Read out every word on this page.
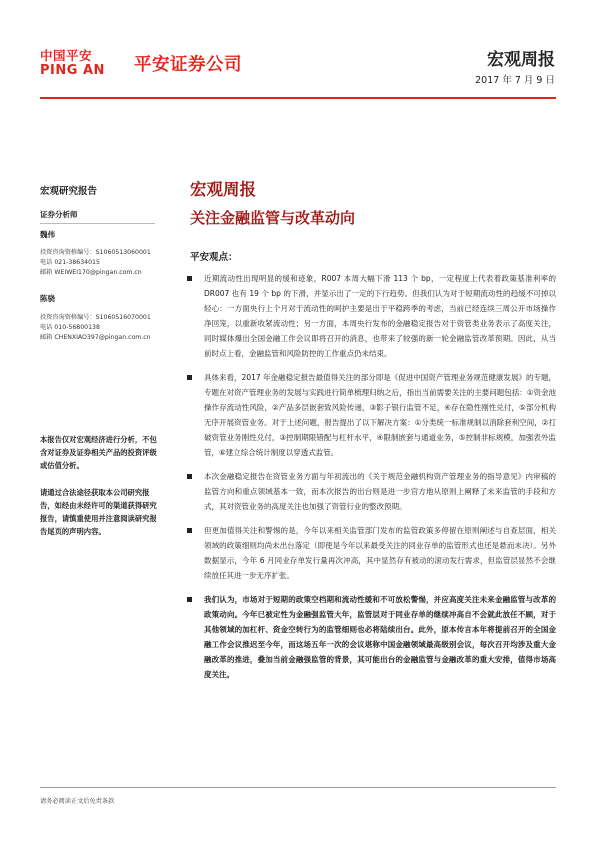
中国平安
PING AN 平安证券公司	宏观周报
2017 年 7 月 9 日
宏观研究报告
证券分析师
魏伟
投资咨询资格编号：S1060513060001
电话 021-38634015
邮箱 WEIWEI170@pingan.com.cn
陈骁
投资咨询资格编号：S1060516070001
电话 010-56800138
邮箱 CHENXIAO397@pingan.com.cn
本报告仅对宏观经济进行分析，不包含对证券及证券相关产品的投资评级或估值分析。
请通过合法途径获取本公司研究报告，如经由未经许可的渠道获得研究报告，请慎重使用并注意阅读研究报告尾页的声明内容。
宏观周报
关注金融监管与改革动向
平安观点：
近期流动性出现明显的缓和迹象，R007 本周大幅下滑 113 个 bp，一定程度上代表着政策基准利率的 DR007 也有 19 个 bp 的下滑，并显示出了一定的下行趋势。但我们认为对于短期流动性的趋缓不可掉以轻心：一方面央行上个月对于流动性的呵护主要是出于平稳跨季的考虑，当前已经连续三周公开市场操作净回笼，以重新收紧流动性；另一方面，本周央行发布的金融稳定报告对于资管类业务表示了高度关注，同时媒体爆出全国金融工作会议即将召开的消息，也带来了较强的新一轮金融监管改革预期。因此，从当前时点上看，金融监管和风险防控的工作重点仍未结束。
具体来看，2017 年金融稳定报告最值得关注的部分即是《促进中国资产管理业务规范健康发展》的专题，专题在对资产管理业务的发展与实践进行简单梳理归纳之后，指出当前需要关注的主要问题包括：①资金池操作存流动性风险，②产品多层嵌套致风险传递，③影子银行监管不足，④存在隐性刚性兑付，⑤部分机构无序开展资管业务。对于上述问题，报告提出了以下解决方案：①分类统一标准规制以消除套利空间，②打破资管业务刚性兑付，③控制期限错配与杠杆水平，④限制嵌套与通道业务，⑤控制非标规模，加强表外监管，⑥建立综合统计制度以穿透式监管。
本次金融稳定报告在资管业务方面与年初流出的《关于规范金融机构资产管理业务的指导意见》内审稿的监管方向和重点领域基本一致，而本次报告的出台则是进一步官方地从原则上阐释了未来监管的手段和方式，其对资管业务的高度关注也加强了资管行业的整改预期。
但更加值得关注和警惕的是，今年以来相关监管部门发布的监管政策多停留在原则阐述与自查层面，相关领域的政策细则均尚未出台落定（即使是今年以来最受关注的同业存单的监管形式也还是悬而未决）。另外数据显示，今年 6 月同业存单发行量再次冲高，其中显然存有被动的滚动发行需求，但监管层显然不会继续放任其进一步无序扩张。
我们认为，市场对于短期的政策空档期和流动性缓和不可放松警惕，并应高度关注未来金融监管与改革的政策动向。今年已被定性为金融强监管大年，监管层对于同业存单的继续冲高自不会就此放任不顾，对于其他领域的加杠杆、资金空转行为的监管细则也必将陆续出台。此外，原本传言本年将提前召开的全国金融工作会议推迟至今年，而这场五年一次的会议堪称中国金融领域最高级别会议，每次召开均涉及重大金融改革的推进，叠加当前金融强监管的背景，其可能出台的金融监管与金融改革的重大安排，值得市场高度关注。
请务必阅读正文后免责条款
